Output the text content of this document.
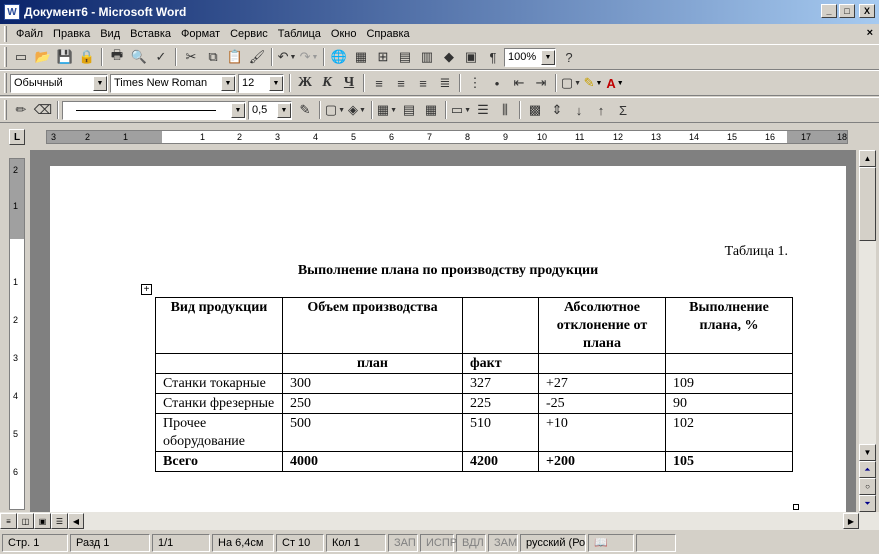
W Документ6 - Microsoft Word	_	□	X
Файл Правка Вид Вставка Формат Сервис Таблица Окно Справка	×
▭ 📂 💾 🔒	🖶 🔍 ✓	✂ ⧉ 📋 🖌 ↶ ▼ ↷ ▼ 🌐 ▦ ⊞ ▤ ▥ ◆ ▣ ¶	100%	▼	?
Обычный	▼ Times New Roman	▼ 12	▼ Ж К Ч	≡	≡	≡ ≣	⋮	•	⇤ ⇥	▢ ▼ ✎ ▼ A ▼
✏ ⌫	▼ 0,5	▼ ✎	▢ ▼ ◈ ▼ ▦ ▼ ▤ ▦	▭ ▼ ☰	⫼	▩ ⇕	↓	↑	Σ
L	3	2	1	1	2	3	4	5	6	7	8	9	10	11	12	13	14	15	16	17	18
2
1
1
2
3
4
5
6
Таблица 1.
Выполнение плана по производству продукции
+
Вид продукции	Объем производства		Абсолютное отклонение от плана	Выполнение плана, %
	план	факт		
Станки токарные	300	327	+27	109
Станки фрезерные	250	225	-25	90
Прочее оборудование	500	510	+10	102
Всего	4000	4200	+200	105
▲
▼
⏶
○
⏷
≡	◫	▣	☰	◀	▶
Стр. 1	Разд 1	1/1	На 6,4см	Ст 10	Кол 1	ЗАП ИСПР ВДЛ ЗАМ русский (Ро 📖
